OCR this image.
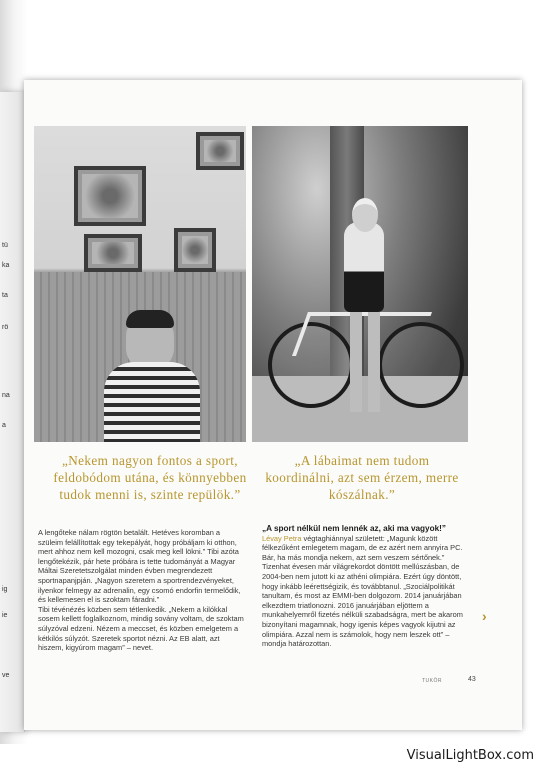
tü
ka
ta
rö
na
a
ig
ie
ve
„Nekem nagyon fontos a sport, feldobódom utána, és könnyebben tudok menni is, szinte repülök.”
„A lábaimat nem tudom koordinálni, azt sem érzem, merre kószálnak.”

A lengőteke nálam rögtön betalált. Hetéves koromban a szüleim felállítottak egy tekepályát, hogy próbáljam ki otthon, mert ahhoz nem kell mozogni, csak meg kell lökni.” Tibi azóta lengőtekézik, pár hete próbára is tette tudományát a Magyar Máltai Szeretetszolgálat minden évben megrendezett sportnapanjpján. „Nagyon szeretem a sportrendezvényeket, ilyenkor felmegy az adrenalin, egy csomó endorfin termelődik, és kellemesen el is szoktam fáradni.”

Tibi tévénézés közben sem tétlenkedik. „Nekem a kilókkal sosem kellett foglalkoznom, mindig sovány voltam, de szoktam súlyzóval edzeni. Nézem a meccset, és közben emelgetem a kétkilós súlyzót. Szeretek sportot nézni. Az EB alatt, azt hiszem, kigyúrom magam” – nevet.

„A sport nélkül nem lennék az, aki ma vagyok!”

Lévay Petra végtaghiánnyal született: „Magunk között félkezűként emlegetem magam, de ez azért nem annyira PC. Bár, ha más mondja nekem, azt sem veszem sértőnek.” Tizenhat évesen már világrekordot döntött mellúszásban, de 2004-ben nem jutott ki az athéni olimpiára. Ezért úgy döntött, hogy inkább leérettségizik, és továbbtanul. „Szociálpolitikát tanultam, és most az EMMI-ben dolgozom. 2014 januárjában elkezdtem triatlonozni. 2016 januárjában eljöttem a munkahelyemről fizetés nélküli szabadságra, mert be akarom bizonyítani magamnak, hogy igenis képes vagyok kijutni az olimpiára. Azzal nem is számolok, hogy nem leszek ott” – mondja határozottan.

›
TUKÖR	43
VisualLightBox.com
